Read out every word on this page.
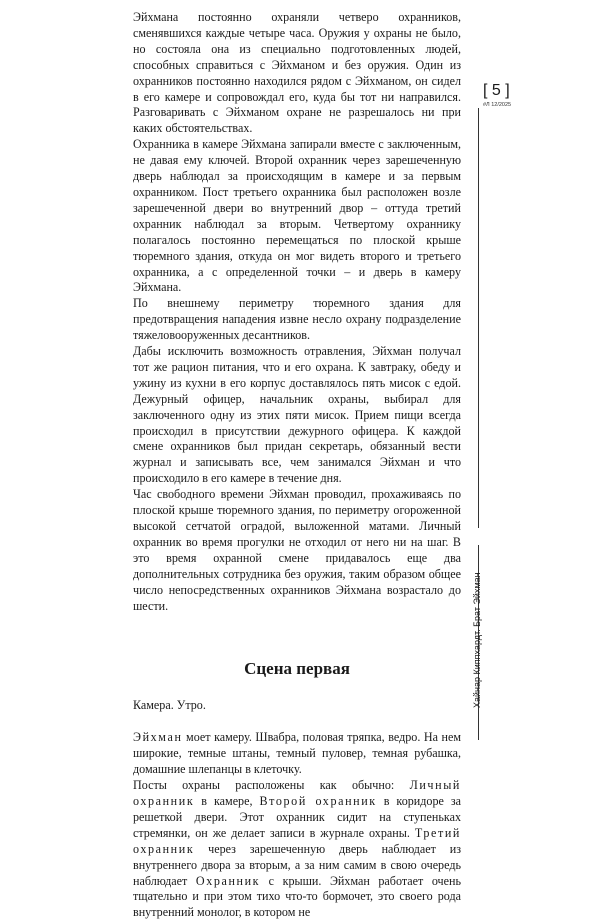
Эйхмана постоянно охраняли четверо охранников, сменявшихся каждые четыре часа. Оружия у охраны не было, но состояла она из специально подготовленных людей, способных справиться с Эйхманом и без оружия. Один из охранников постоянно находился рядом с Эйхманом, он сидел в его камере и сопровождал его, куда бы тот ни направился. Разговаривать с Эйхманом охране не разрешалось ни при каких обстоятельствах.

Охранника в камере Эйхмана запирали вместе с заключенным, не давая ему ключей. Второй охранник через зарешеченную дверь наблюдал за происходящим в камере и за первым охранником. Пост третьего охранника был расположен возле зарешеченной двери во внутренний двор – оттуда третий охранник наблюдал за вторым. Четвертому охраннику полагалось постоянно перемещаться по плоской крыше тюремного здания, откуда он мог видеть второго и третьего охранника, а с определенной точки – и дверь в камеру Эйхмана.

По внешнему периметру тюремного здания для предотвращения нападения извне несло охрану подразделение тяжеловооруженных десантников.

Дабы исключить возможность отравления, Эйхман получал тот же рацион питания, что и его охрана. К завтраку, обеду и ужину из кухни в его корпус доставлялось пять мисок с едой. Дежурный офицер, начальник охраны, выбирал для заключенного одну из этих пяти мисок. Прием пищи всегда происходил в присутствии дежурного офицера. К каждой смене охранников был придан секретарь, обязанный вести журнал и записывать все, чем занимался Эйхман и что происходило в его камере в течение дня.

Час свободного времени Эйхман проводил, прохаживаясь по плоской крыше тюремного здания, по периметру огороженной высокой сетчатой оградой, выложенной матами. Личный охранник во время прогулки не отходил от него ни на шаг. В это время охранной смене придавалось еще два дополнительных сотрудника без оружия, таким образом общее число непосредственных охранников Эйхмана возрастало до шести.

Сцена первая

Камера. Утро.

Эйхман моет камеру. Швабра, половая тряпка, ведро. На нем широкие, темные штаны, темный пуловер, темная рубашка, домашние шлепанцы в клеточку.

Посты охраны расположены как обычно: Личный охранник в камере, Второй охранник в коридоре за решеткой двери. Этот охранник сидит на ступеньках стремянки, он же делает записи в журнале охраны. Третий охранник через зарешеченную дверь наблюдает из внутреннего двора за вторым, а за ним самим в свою очередь наблюдает Охранник с крыши. Эйхман работает очень тщательно и при этом тихо что-то бормочет, это своего рода внутренний монолог, в котором не

[ 5 ]
#Л 12/2025
Хайнар Киппхардт. Брат Эйхман
